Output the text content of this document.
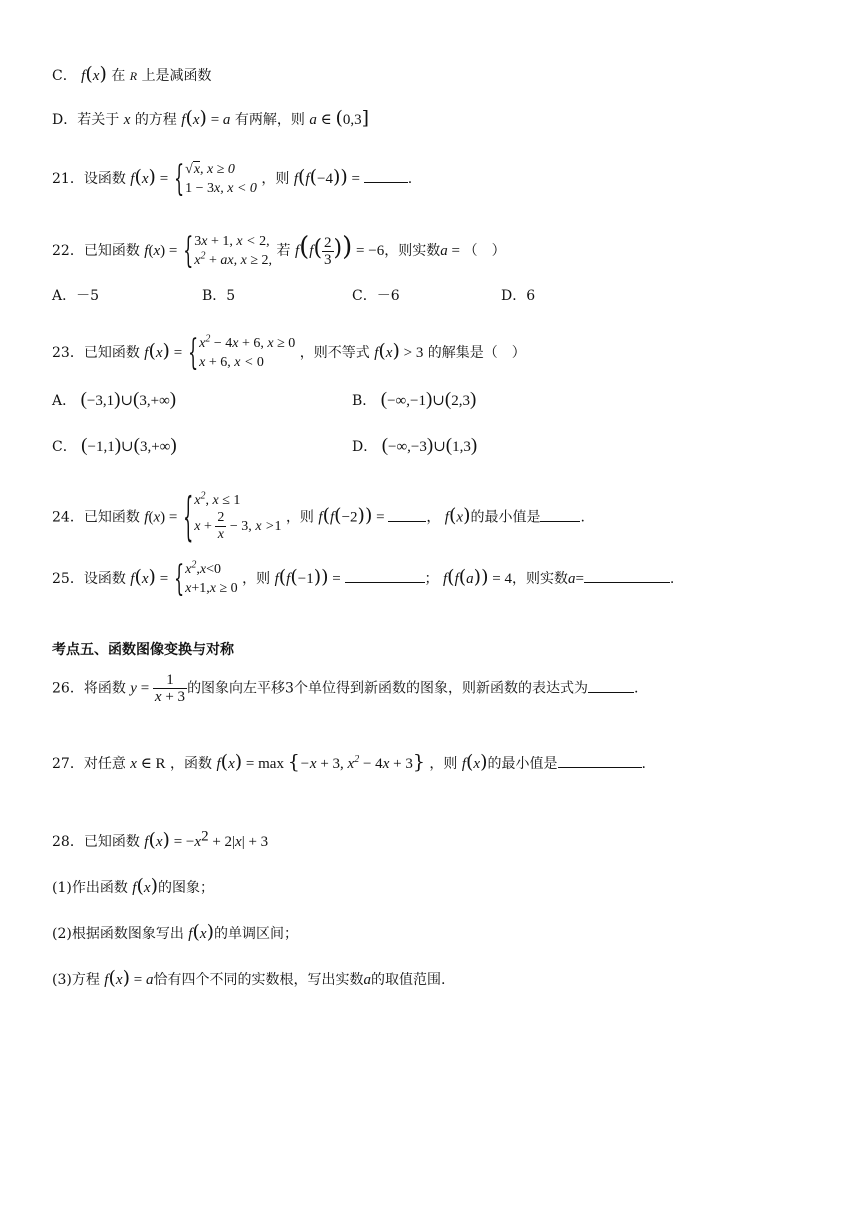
C． f(x) 在 R 上是减函数
D．若关于 x 的方程 f(x) = a 有两解，则 a ∈ (0,3]
21．设函数 f(x) = { √x, x ≥ 0
1 − 3x, x < 0
，则 f(f(−4)) =	.
22．已知函数 f(x) = { 3x + 1, x < 2,
$x^2$ + ax, x ≥ 2,
若 $f(f( \frac{2}{3}$ )) = −6，则实数a = （　）
A．－5	B．5	C．－6	D．6
23．已知函数 f(x) = { $x^2 - 4x + 6$, x ≥ 0
x + 6, x < 0
，则不等式 f(x) > 3 的解集是（　）
A． (−3,1)∪(3,+∞)	B． (−∞,−1)∪(2,3)
C． (−1,1)∪(3,+∞)	D． (−∞,−3)∪(1,3)
24．已知函数 f(x) = { $x^2$, x ≤ 1
$x + \frac{2}{x} - 3$, x > 1
，则 f(f(−2)) =	， f(x)的最小值是	.
25．设函数 f(x) = { $x^2,x<0$
x+1,x ≥ 0
，则 f(f(−1)) =	； f(f(a)) = 4，则实数a=	.
考点五、函数图像变换与对称
26．将函数 $y = \frac{1}{x + 3}$ 的图象向左平移3个单位得到新函数的图象，则新函数的表达式为	.
27．对任意 x ∈ R ，函数 f(x) = max {−x + 3, $x^2 - 4x + 3$} ，则 f(x)的最小值是	.
28．已知函数 $f(x) = -x^2 + 2|x| + 3$
(1)作出函数 f(x)的图象；
(2)根据函数图象写出 f(x)的单调区间；
(3)方程 f(x) = a恰有四个不同的实数根，写出实数a的取值范围.
